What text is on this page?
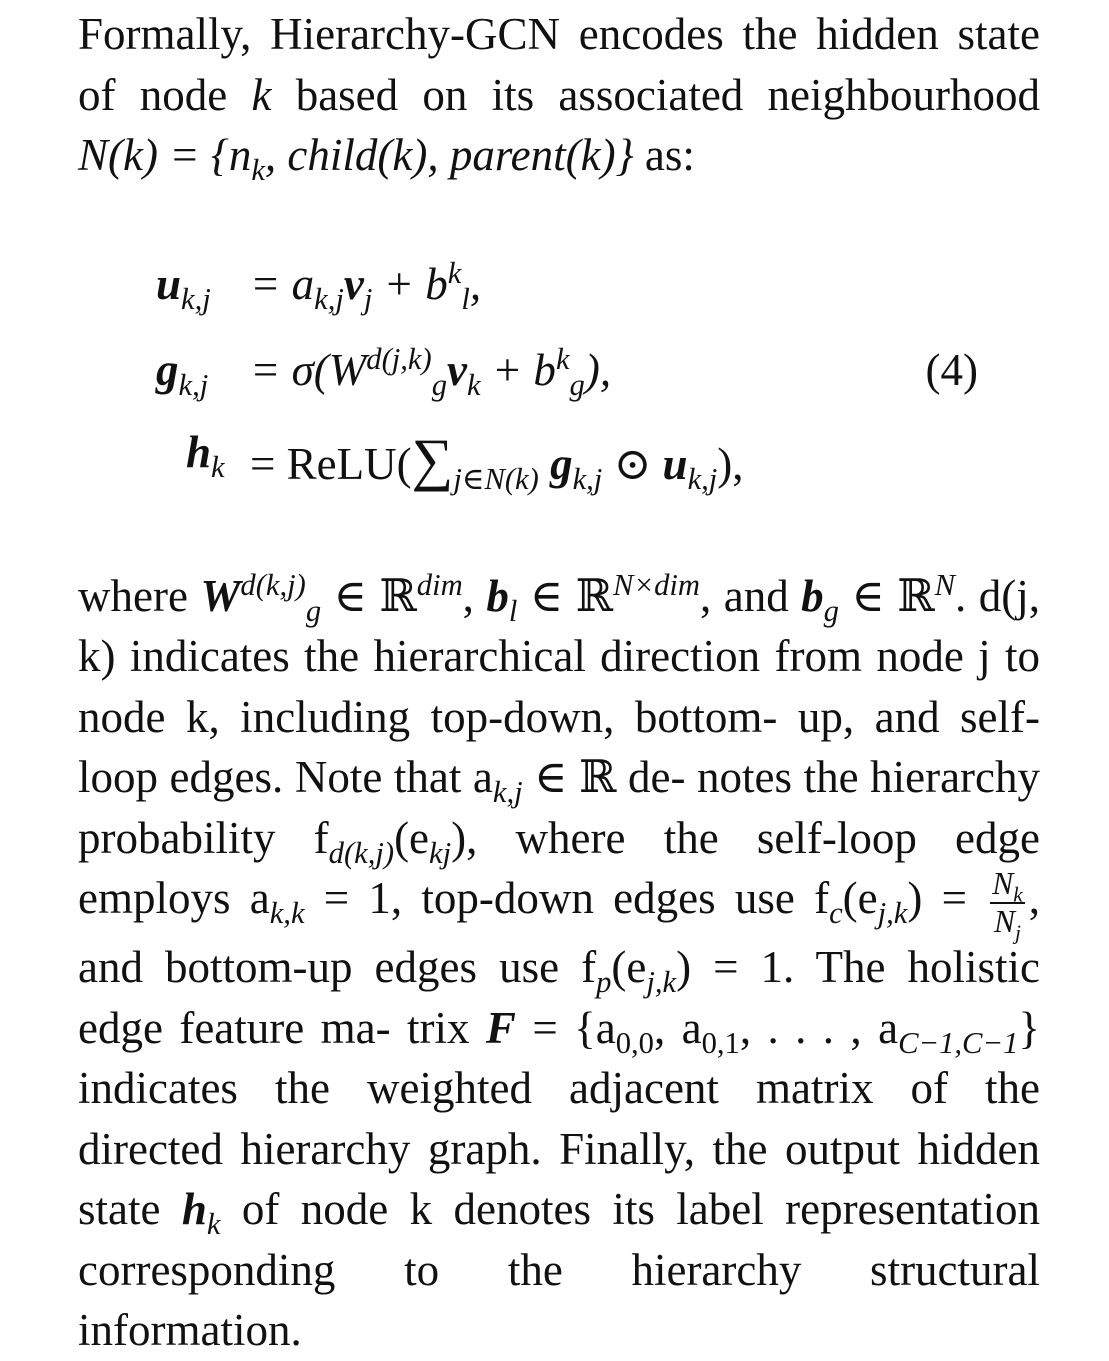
Formally, Hierarchy-GCN encodes the hidden state of node k based on its associated neighbourhood $N(k) = \{n_k$, child(k), parent(k)} as:

$u_{k,j} = a_{k,j}v_j + b^k_l$,
$g_{k,j} = \sigma(W^{d(j,k)}_gv_k + b^k_g)$,	(4)
$h_k$ = $ReLU(\sum_{j\in N(k)}$ $g_{k,j}$ ⊙ $u_{k,j}$),

where $W^{d(k,j)}_g$ ∈ ℝ$^{dim}$, $b_l$ ∈ ℝ$^{N\times dim}$, and $b_g$ ∈ ℝ$^N$. d(j, k) indicates the hierarchical direction from node j to node k, including top-down, bottom- up, and self-loop edges. Note that $a_{k,j}$ ∈ ℝ de- notes the hierarchy probability $f_{d(k,j)}(e_{kj})$, where the self-loop edge employs $a_{k,k} = 1$, top-down edges use $f_c(e_{j,k}) = \frac{N_k}{N_j}$ , and bottom-up edges use $f_p(e_{j,k}) = 1$. The holistic edge feature ma- trix $F = \{a_{0,0}$, $a_{0,1}$, . . . , $a_{C-1,C-1}$} indicates the weighted adjacent matrix of the directed hierarchy graph. Finally, the output hidden state $h_k$ of node k denotes its label representation corresponding to the hierarchy structural information.
